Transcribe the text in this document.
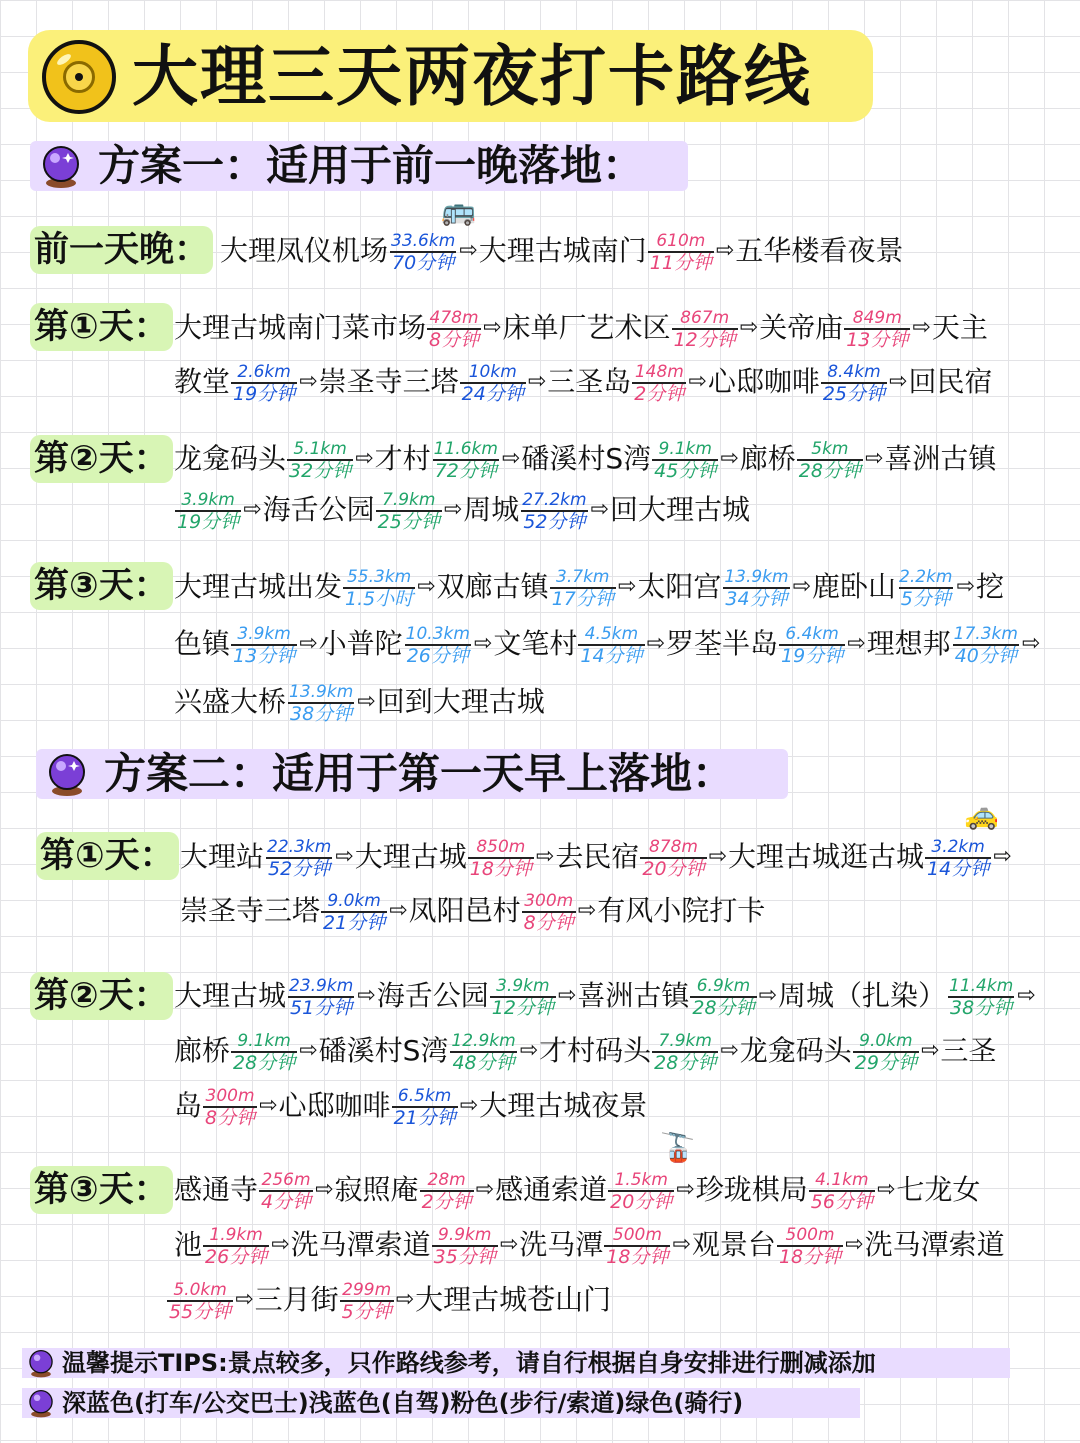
大理三天两夜打卡路线
方案一：适用于前一晚落地：
🚌
前一天晚： 大理凤仪机场 33.6km
70分钟 ⇨ 大理古城南门 610m
11分钟 ⇨ 五华楼看夜景
第①天： 大理古城南门菜市场 478m
8分钟 ⇨ 床单厂艺术区 867m
12分钟 ⇨ 关帝庙 849m
13分钟 ⇨ 天主
教堂 2.6km
19分钟 ⇨ 崇圣寺三塔 10km
24分钟 ⇨ 三圣岛 148m
2分钟 ⇨ 心邸咖啡 8.4km
25分钟 ⇨ 回民宿
第②天： 龙龛码头 5.1km
32分钟 ⇨ 才村 11.6km
72分钟 ⇨ 磻溪村S湾 9.1km
45分钟 ⇨ 廊桥 5km
28分钟 ⇨ 喜洲古镇
3.9km
19分钟 ⇨ 海舌公园 7.9km
25分钟 ⇨ 周城 27.2km
52分钟 ⇨ 回大理古城
第③天： 大理古城出发 55.3km
1.5小时 ⇨ 双廊古镇 3.7km
17分钟 ⇨ 太阳宫 13.9km
34分钟 ⇨ 鹿卧山 2.2km
5分钟 ⇨ 挖
色镇 3.9km
13分钟 ⇨ 小普陀 10.3km
26分钟 ⇨ 文笔村 4.5km
14分钟 ⇨ 罗荃半岛 6.4km
19分钟 ⇨ 理想邦 17.3km
40分钟 ⇨
兴盛大桥 13.9km
38分钟 ⇨ 回到大理古城
方案二：适用于第一天早上落地：
🚕
第①天： 大理站 22.3km
52分钟 ⇨ 大理古城 850m
18分钟 ⇨ 去民宿 878m
20分钟 ⇨ 大理古城逛古城 3.2km
14分钟 ⇨
崇圣寺三塔 9.0km
21分钟 ⇨ 凤阳邑村 300m
8分钟 ⇨ 有风小院打卡
第②天： 大理古城 23.9km
51分钟 ⇨ 海舌公园 3.9km
12分钟 ⇨ 喜洲古镇 6.9km
28分钟 ⇨ 周城（扎染） 11.4km
38分钟 ⇨
廊桥 9.1km
28分钟 ⇨ 磻溪村S湾 12.9km
48分钟 ⇨ 才村码头 7.9km
28分钟 ⇨ 龙龛码头 9.0km
29分钟 ⇨ 三圣
岛 300m
8分钟 ⇨ 心邸咖啡 6.5km
21分钟 ⇨ 大理古城夜景
🚡
第③天： 感通寺 256m
4分钟 ⇨ 寂照庵 28m
2分钟 ⇨ 感通索道 1.5km
20分钟 ⇨ 珍珑棋局 4.1km
56分钟 ⇨ 七龙女
池 1.9km
26分钟 ⇨ 洗马潭索道 9.9km
35分钟 ⇨ 洗马潭 500m
18分钟 ⇨ 观景台 500m
18分钟 ⇨ 洗马潭索道
5.0km
55分钟 ⇨ 三月街 299m
5分钟 ⇨ 大理古城苍山门
温馨提示TIPS:景点较多，只作路线参考，请自行根据自身安排进行删减添加
深蓝色(打车/公交巴士)浅蓝色(自驾)粉色(步行/索道)绿色(骑行)
